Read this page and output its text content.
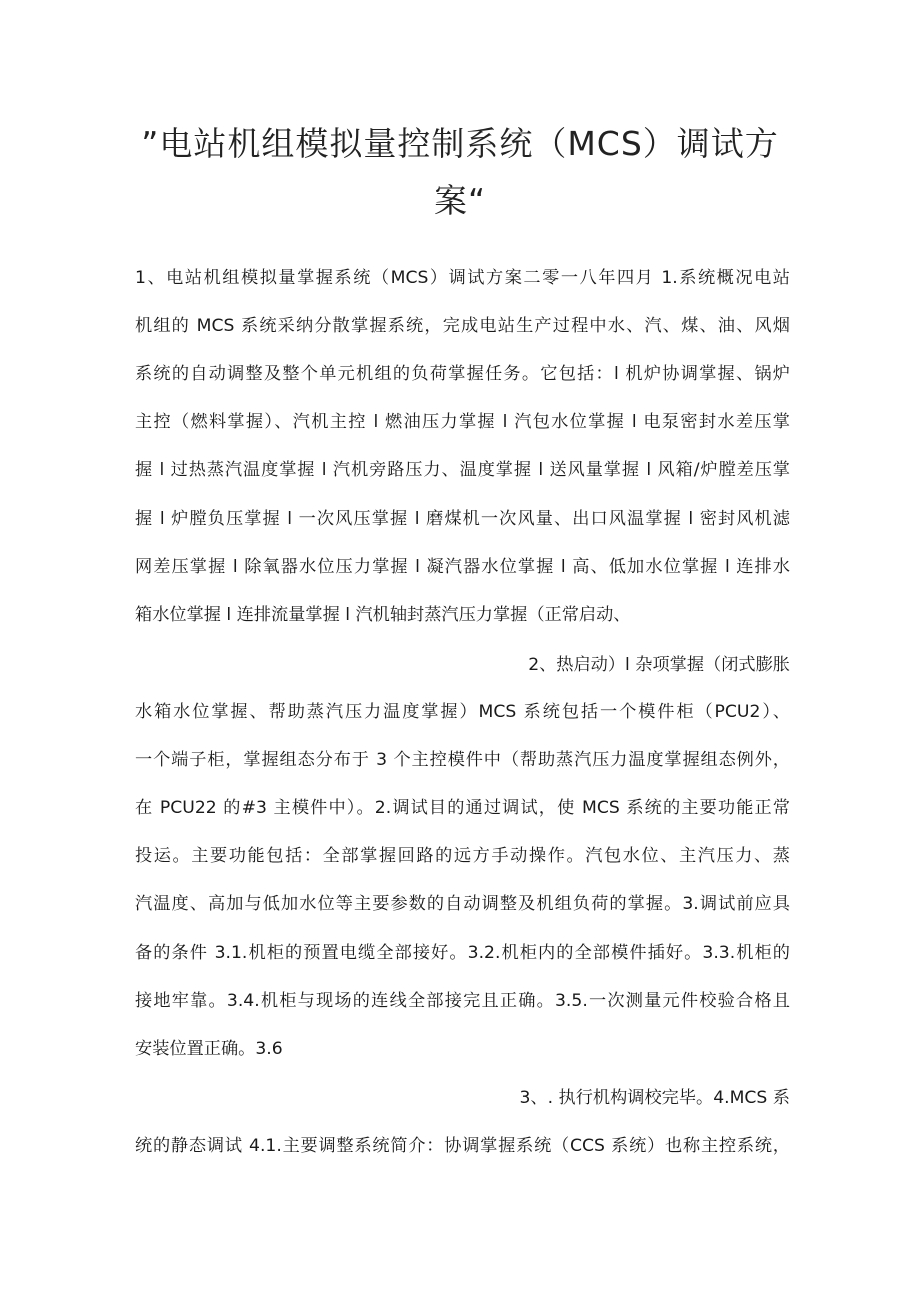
”电站机组模拟量控制系统（MCS）调试方
案“
1、电站机组模拟量掌握系统（MCS）调试方案二零一八年四月 1.系统概况电站
机组的 MCS 系统采纳分散掌握系统，完成电站生产过程中水、汽、煤、油、风烟
系统的自动调整及整个单元机组的负荷掌握任务。它包括：l 机炉协调掌握、锅炉
主控（燃料掌握）、汽机主控 l 燃油压力掌握 l 汽包水位掌握 l 电泵密封水差压掌
握 l 过热蒸汽温度掌握 l 汽机旁路压力、温度掌握 l 送风量掌握 l 风箱/炉膛差压掌
握 l 炉膛负压掌握 l 一次风压掌握 l 磨煤机一次风量、出口风温掌握 l 密封风机滤
网差压掌握 l 除氧器水位压力掌握 l 凝汽器水位掌握 l 高、低加水位掌握 l 连排水
箱水位掌握 l 连排流量掌握 l 汽机轴封蒸汽压力掌握（正常启动、
2、热启动）l 杂项掌握（闭式膨胀
水箱水位掌握、帮助蒸汽压力温度掌握）MCS 系统包括一个模件柜（PCU2）、
一个端子柜，掌握组态分布于 3 个主控模件中（帮助蒸汽压力温度掌握组态例外，
在 PCU22 的#3 主模件中）。2.调试目的通过调试，使 MCS 系统的主要功能正常
投运。主要功能包括：全部掌握回路的远方手动操作。汽包水位、主汽压力、蒸
汽温度、高加与低加水位等主要参数的自动调整及机组负荷的掌握。3.调试前应具
备的条件 3.1.机柜的预置电缆全部接好。3.2.机柜内的全部模件插好。3.3.机柜的
接地牢靠。3.4.机柜与现场的连线全部接完且正确。3.5.一次测量元件校验合格且
安装位置正确。3.6
3、. 执行机构调校完毕。4.MCS 系
统的静态调试 4.1.主要调整系统简介：协调掌握系统（CCS 系统）也称主控系统，
